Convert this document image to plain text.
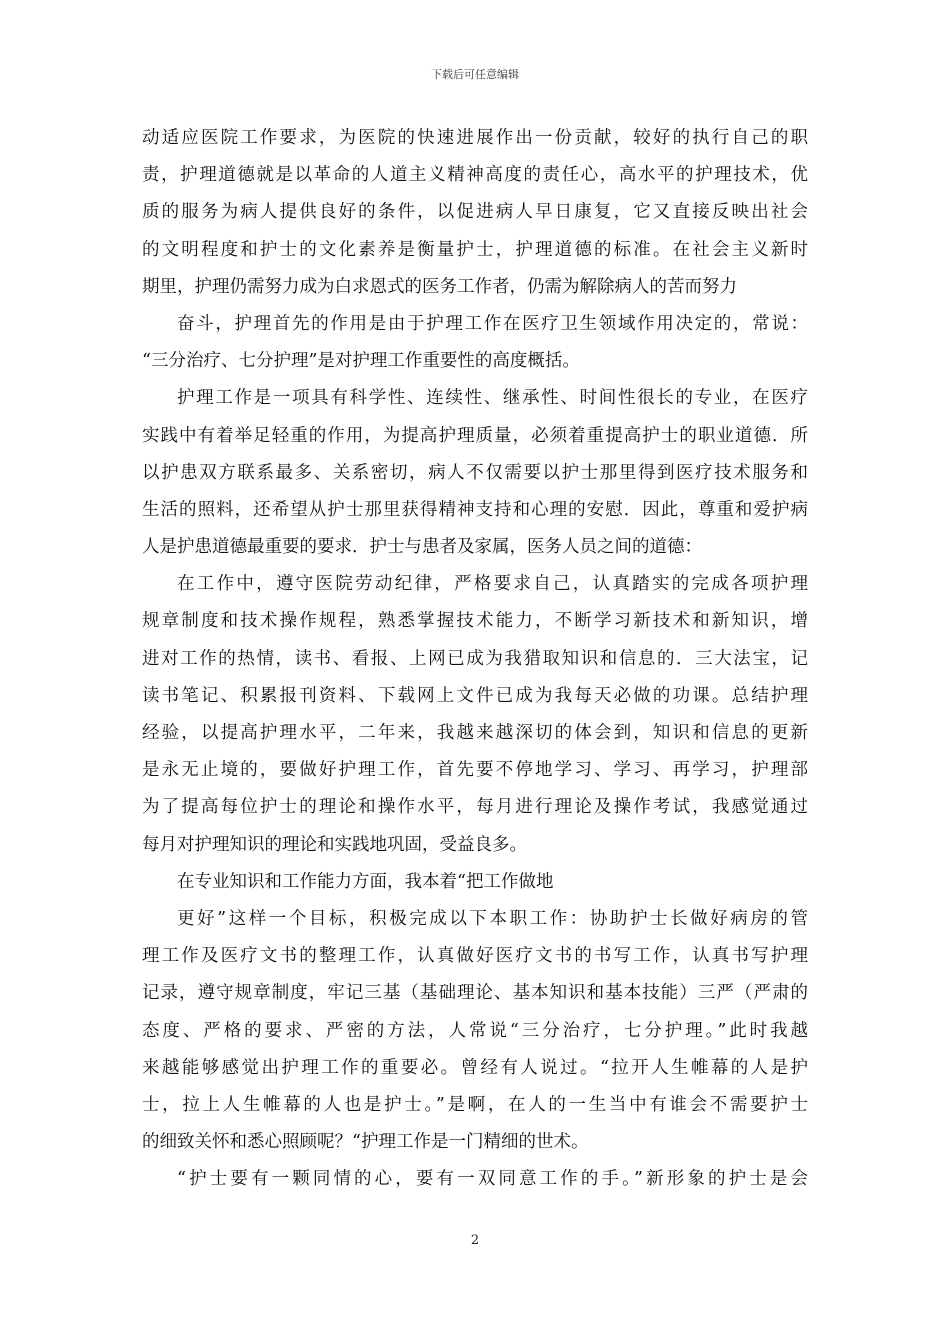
下载后可任意编辑
动适应医院工作要求，为医院的快速进展作出一份贡献，较好的执行自己的职
责，护理道德就是以革命的人道主义精神高度的责任心，高水平的护理技术，优
质的服务为病人提供良好的条件，以促进病人早日康复，它又直接反映出社会
的文明程度和护士的文化素养是衡量护士，护理道德的标准。在社会主义新时
期里，护理仍需努力成为白求恩式的医务工作者，仍需为解除病人的苦而努力
奋斗，护理首先的作用是由于护理工作在医疗卫生领域作用决定的，常说：
“三分治疗、七分护理”是对护理工作重要性的高度概括。
护理工作是一项具有科学性、连续性、继承性、时间性很长的专业，在医疗
实践中有着举足轻重的作用，为提高护理质量，必须着重提高护士的职业道德．所
以护患双方联系最多、关系密切，病人不仅需要以护士那里得到医疗技术服务和
生活的照料，还希望从护士那里获得精神支持和心理的安慰．因此，尊重和爱护病
人是护患道德最重要的要求．护士与患者及家属，医务人员之间的道德：
在工作中，遵守医院劳动纪律，严格要求自己，认真踏实的完成各项护理
规章制度和技术操作规程，熟悉掌握技术能力，不断学习新技术和新知识，增
进对工作的热情，读书、看报、上网已成为我猎取知识和信息的．三大法宝，记
读书笔记、积累报刊资料、下载网上文件已成为我每天必做的功课。总结护理
经验，以提高护理水平，二年来，我越来越深切的体会到，知识和信息的更新
是永无止境的，要做好护理工作，首先要不停地学习、学习、再学习，护理部
为了提高每位护士的理论和操作水平，每月进行理论及操作考试，我感觉通过
每月对护理知识的理论和实践地巩固，受益良多。
在专业知识和工作能力方面，我本着“把工作做地
更好”这样一个目标，积极完成以下本职工作：协助护士长做好病房的管
理工作及医疗文书的整理工作，认真做好医疗文书的书写工作，认真书写护理
记录，遵守规章制度，牢记三基（基础理论、基本知识和基本技能）三严（严肃的
态度、严格的要求、严密的方法，人常说“三分治疗，七分护理。”此时我越
来越能够感觉出护理工作的重要必。曾经有人说过。“拉开人生帷幕的人是护
士，拉上人生帷幕的人也是护士。”是啊，在人的一生当中有谁会不需要护士
的细致关怀和悉心照顾呢？“护理工作是一门精细的世术。
“护士要有一颗同情的心，要有一双同意工作的手。”新形象的护士是会
2
